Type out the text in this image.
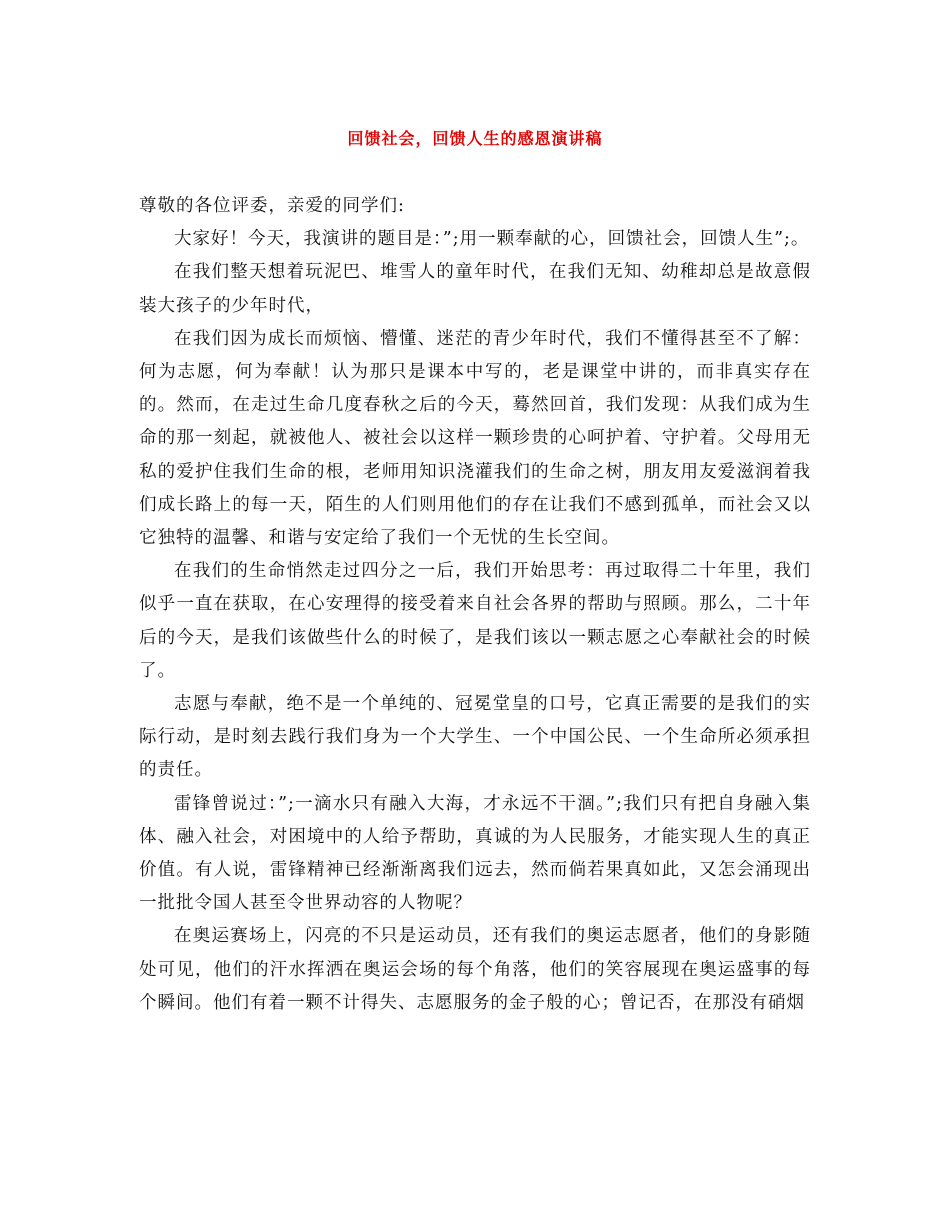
回馈社会，回馈人生的感恩演讲稿

尊敬的各位评委，亲爱的同学们:

大家好！今天，我演讲的题目是：”;用一颗奉献的心，回馈社会，回馈人生”;。

在我们整天想着玩泥巴、堆雪人的童年时代，在我们无知、幼稚却总是故意假装大孩子的少年时代，

在我们因为成长而烦恼、懵懂、迷茫的青少年时代，我们不懂得甚至不了解：何为志愿，何为奉献！认为那只是课本中写的，老是课堂中讲的，而非真实存在的。然而，在走过生命几度春秋之后的今天，蓦然回首，我们发现：从我们成为生命的那一刻起，就被他人、被社会以这样一颗珍贵的心呵护着、守护着。父母用无私的爱护住我们生命的根，老师用知识浇灌我们的生命之树，朋友用友爱滋润着我们成长路上的每一天，陌生的人们则用他们的存在让我们不感到孤单，而社会又以它独特的温馨、和谐与安定给了我们一个无忧的生长空间。

在我们的生命悄然走过四分之一后，我们开始思考：再过取得二十年里，我们似乎一直在获取，在心安理得的接受着来自社会各界的帮助与照顾。那么，二十年后的今天，是我们该做些什么的时候了，是我们该以一颗志愿之心奉献社会的时候了。

志愿与奉献，绝不是一个单纯的、冠冕堂皇的口号，它真正需要的是我们的实际行动，是时刻去践行我们身为一个大学生、一个中国公民、一个生命所必须承担的责任。

雷锋曾说过：”;一滴水只有融入大海，才永远不干涸。”;我们只有把自身融入集体、融入社会，对困境中的人给予帮助，真诚的为人民服务，才能实现人生的真正价值。有人说，雷锋精神已经渐渐离我们远去，然而倘若果真如此，又怎会涌现出一批批令国人甚至令世界动容的人物呢？

在奥运赛场上，闪亮的不只是运动员，还有我们的奥运志愿者，他们的身影随处可见，他们的汗水挥洒在奥运会场的每个角落，他们的笑容展现在奥运盛事的每个瞬间。他们有着一颗不计得失、志愿服务的金子般的心；曾记否，在那没有硝烟
